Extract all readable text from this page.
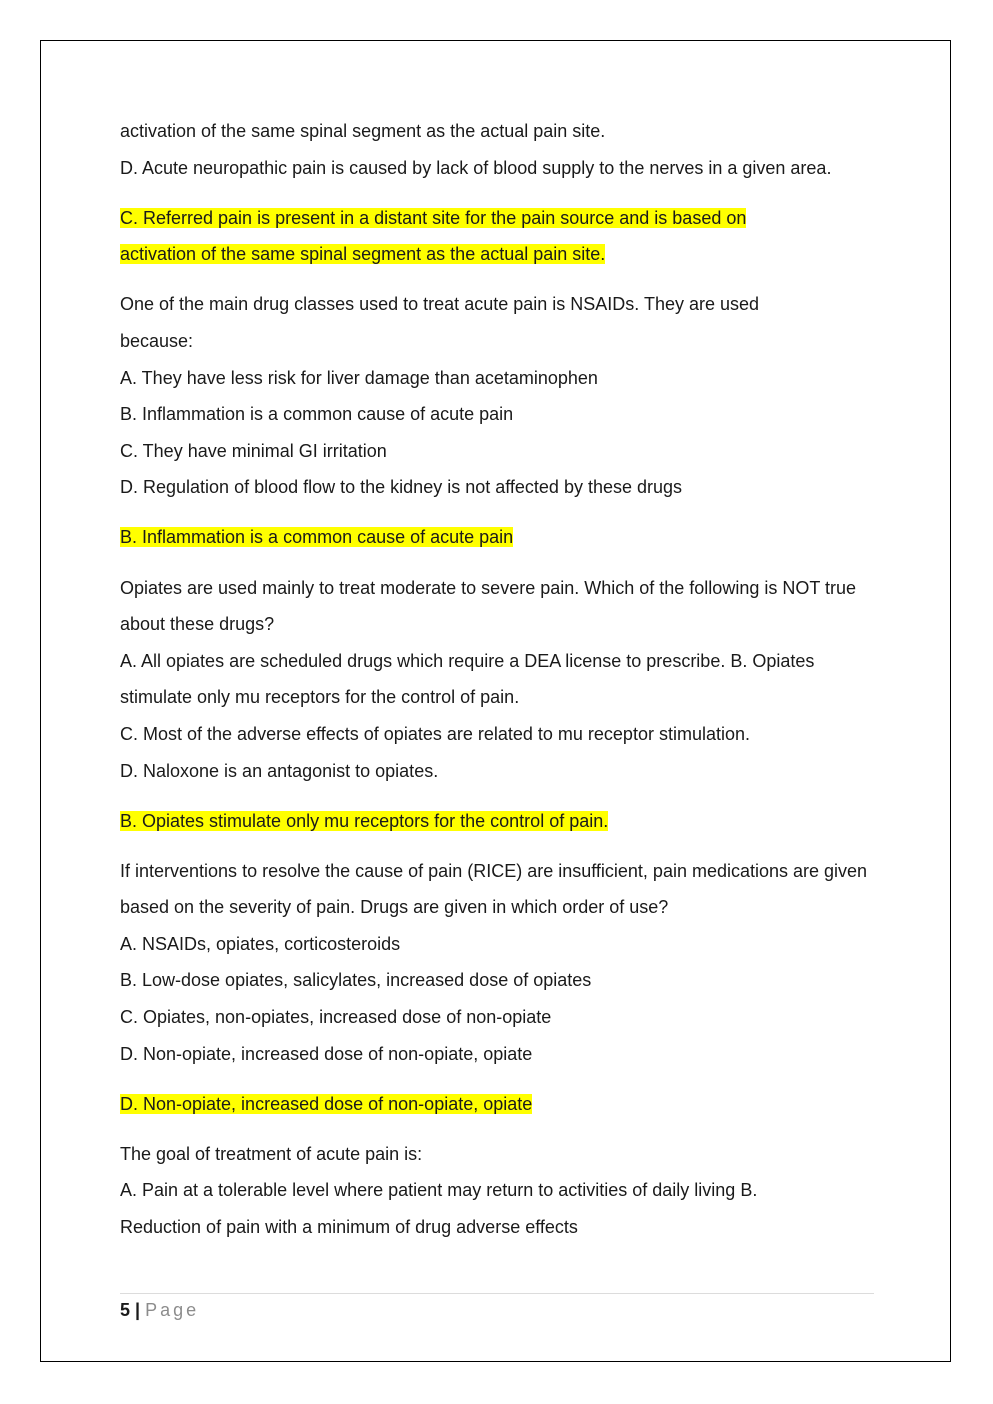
activation of the same spinal segment as the actual pain site.

D. Acute neuropathic pain is caused by lack of blood supply to the nerves in a given area.

C. Referred pain is present in a distant site for the pain source and is based on activation of the same spinal segment as the actual pain site.

One of the main drug classes used to treat acute pain is NSAIDs. They are used because:

A. They have less risk for liver damage than acetaminophen

B. Inflammation is a common cause of acute pain

C. They have minimal GI irritation

D. Regulation of blood flow to the kidney is not affected by these drugs

B. Inflammation is a common cause of acute pain

Opiates are used mainly to treat moderate to severe pain. Which of the following is NOT true about these drugs?

A. All opiates are scheduled drugs which require a DEA license to prescribe. B. Opiates stimulate only mu receptors for the control of pain.

C. Most of the adverse effects of opiates are related to mu receptor stimulation.

D. Naloxone is an antagonist to opiates.

B. Opiates stimulate only mu receptors for the control of pain.

If interventions to resolve the cause of pain (RICE) are insufficient, pain medications are given based on the severity of pain. Drugs are given in which order of use?

A. NSAIDs, opiates, corticosteroids

B. Low-dose opiates, salicylates, increased dose of opiates

C. Opiates, non-opiates, increased dose of non-opiate

D. Non-opiate, increased dose of non-opiate, opiate

D. Non-opiate, increased dose of non-opiate, opiate

The goal of treatment of acute pain is:

A. Pain at a tolerable level where patient may return to activities of daily living B. Reduction of pain with a minimum of drug adverse effects

5 | Page
